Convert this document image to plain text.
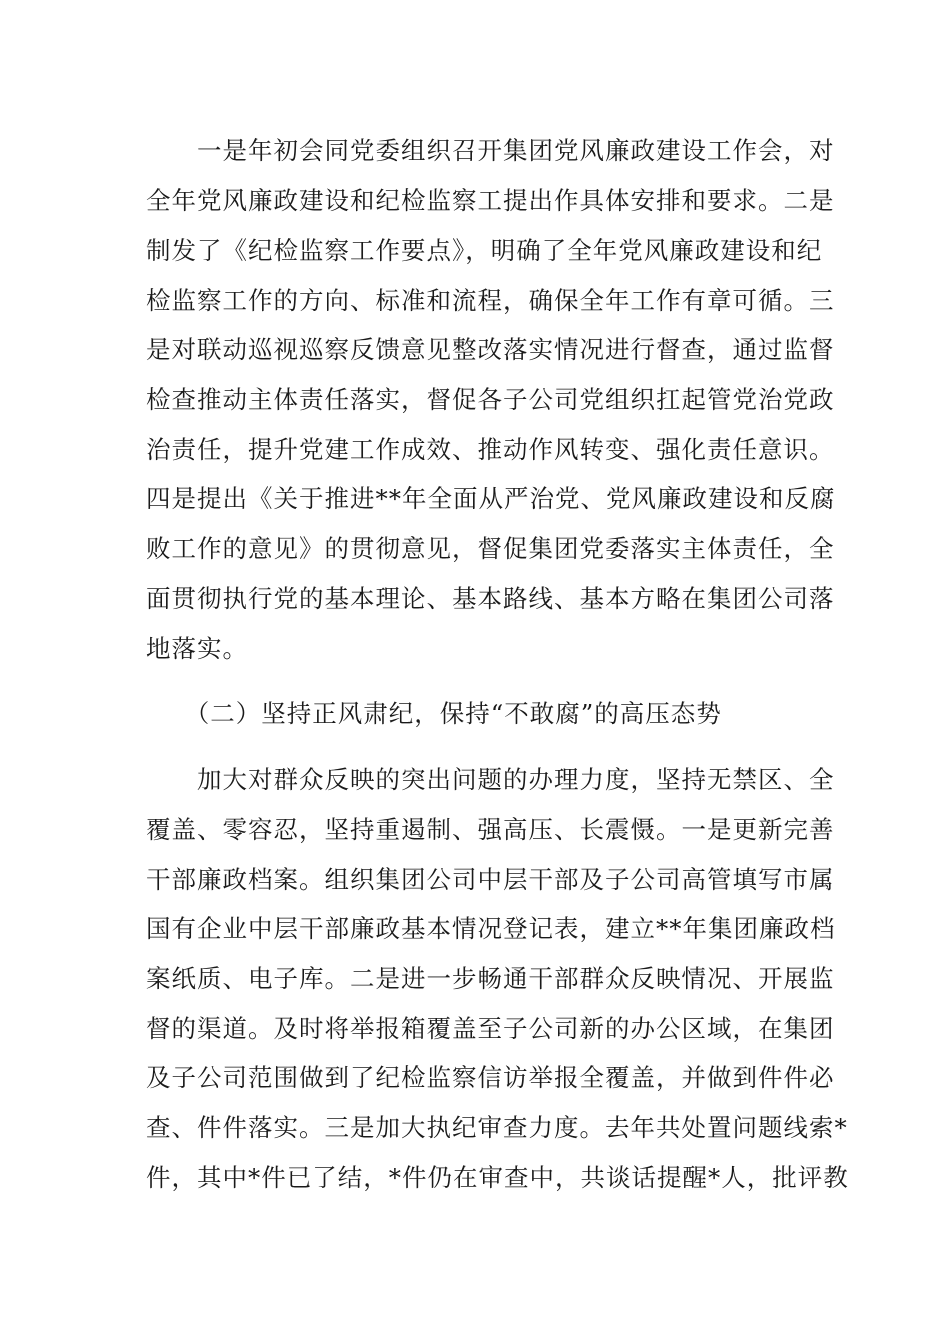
　　一是年初会同党委组织召开集团党风廉政建设工作会，对
全年党风廉政建设和纪检监察工提出作具体安排和要求。二是
制发了《纪检监察工作要点》，明确了全年党风廉政建设和纪
检监察工作的方向、标准和流程，确保全年工作有章可循。三
是对联动巡视巡察反馈意见整改落实情况进行督查，通过监督
检查推动主体责任落实，督促各子公司党组织扛起管党治党政
治责任，提升党建工作成效、推动作风转变、强化责任意识。
四是提出《关于推进**年全面从严治党、党风廉政建设和反腐
败工作的意见》的贯彻意见，督促集团党委落实主体责任，全
面贯彻执行党的基本理论、基本路线、基本方略在集团公司落
地落实。
　　（二）坚持正风肃纪，保持“不敢腐”的高压态势
　　加大对群众反映的突出问题的办理力度，坚持无禁区、全
覆盖、零容忍，坚持重遏制、强高压、长震慑。一是更新完善
干部廉政档案。组织集团公司中层干部及子公司高管填写市属
国有企业中层干部廉政基本情况登记表，建立**年集团廉政档
案纸质、电子库。二是进一步畅通干部群众反映情况、开展监
督的渠道。及时将举报箱覆盖至子公司新的办公区域，在集团
及子公司范围做到了纪检监察信访举报全覆盖，并做到件件必
查、件件落实。三是加大执纪审查力度。去年共处置问题线索*
件，其中*件已了结，*件仍在审查中，共谈话提醒*人，批评教
